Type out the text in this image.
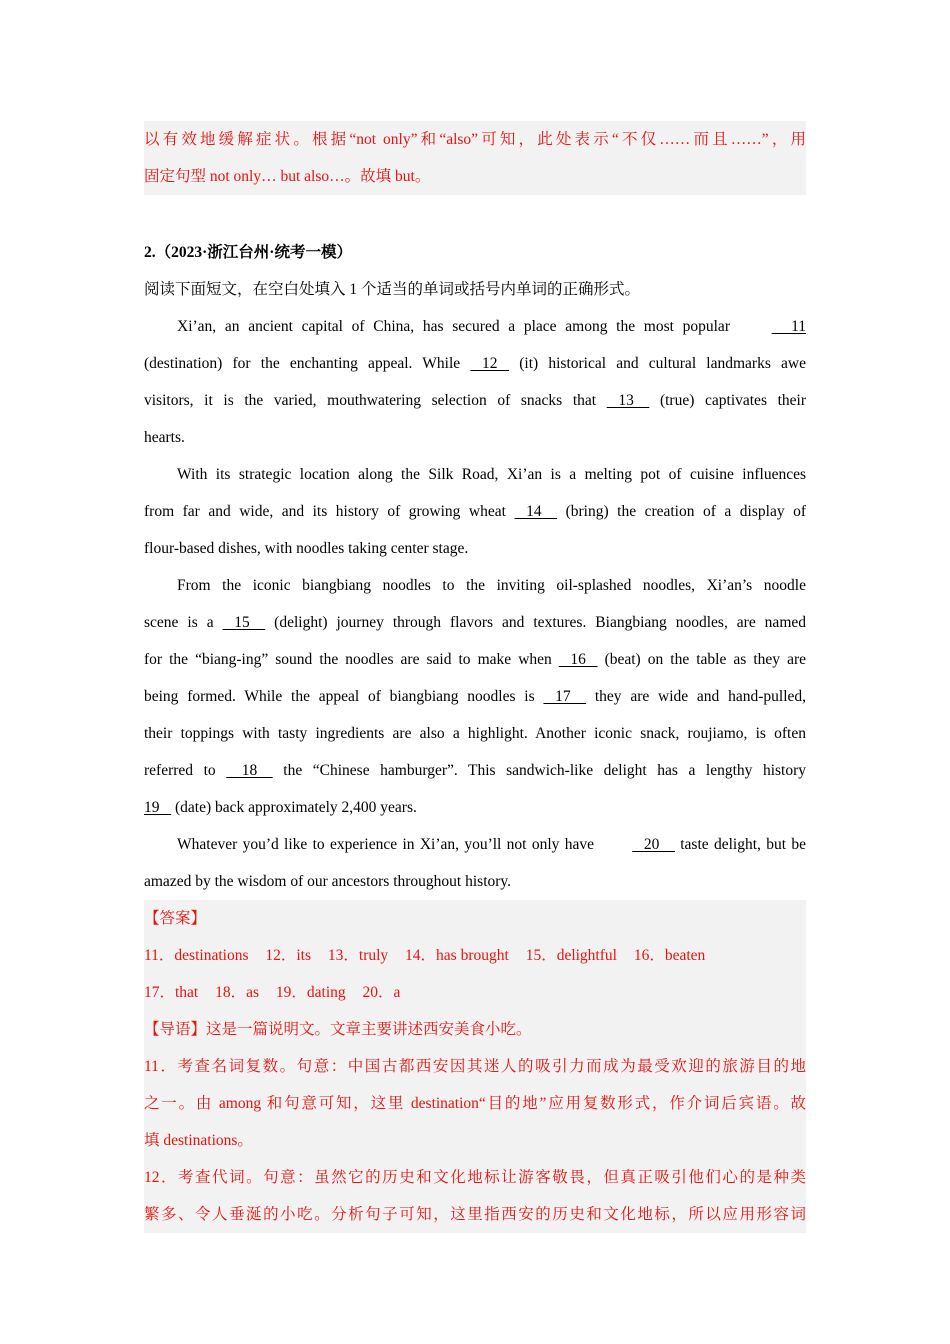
以有效地缓解症状。根据“not only”和“also”可知，此处表示“不仅……而且……”，用
固定句型 not only… but also…。故填 but。
2.（2023·浙江台州·统考一模）
阅读下面短文，在空白处填入 1 个适当的单词或括号内单词的正确形式。
Xi’an, an ancient capital of China, has secured a place among the most popular      11
(destination) for the enchanting appeal. While    12    (it) historical and cultural landmarks awe
visitors, it is the varied, mouthwatering selection of snacks that    13     (true) captivates their
hearts.
With its strategic location along the Silk Road, Xi’an is a melting pot of cuisine influences
from far and wide, and its history of growing wheat    14     (bring) the creation of a display of
flour-based dishes, with noodles taking center stage.
From the iconic biangbiang noodles to the inviting oil-splashed noodles, Xi’an’s noodle
scene is a    15     (delight) journey through flavors and textures. Biangbiang noodles, are named
for the “biang-ing” sound the noodles are said to make when    16    (beat) on the table as they are
being formed. While the appeal of biangbiang noodles is    17     they are wide and hand-pulled,
their toppings with tasty ingredients are also a highlight. Another iconic snack, roujiamo, is often
referred to     18     the “Chinese hamburger”. This sandwich-like delight has a lengthy history
19    (date) back approximately 2,400 years.
Whatever you’d like to experience in Xi’an, you’ll not only have    20     taste delight, but be
amazed by the wisdom of our ancestors throughout history.
【答案】
11．destinations 12．its 13．truly 14．has brought 15．delightful 16．beaten
17．that 18．as 19．dating 20．a
【导语】这是一篇说明文。文章主要讲述西安美食小吃。
11．考查名词复数。句意：中国古都西安因其迷人的吸引力而成为最受欢迎的旅游目的地
之一。由 among 和句意可知，这里 destination“目的地”应用复数形式，作介词后宾语。故
填 destinations。
12．考查代词。句意：虽然它的历史和文化地标让游客敬畏，但真正吸引他们心的是种类
繁多、令人垂涎的小吃。分析句子可知，这里指西安的历史和文化地标，所以应用形容词
